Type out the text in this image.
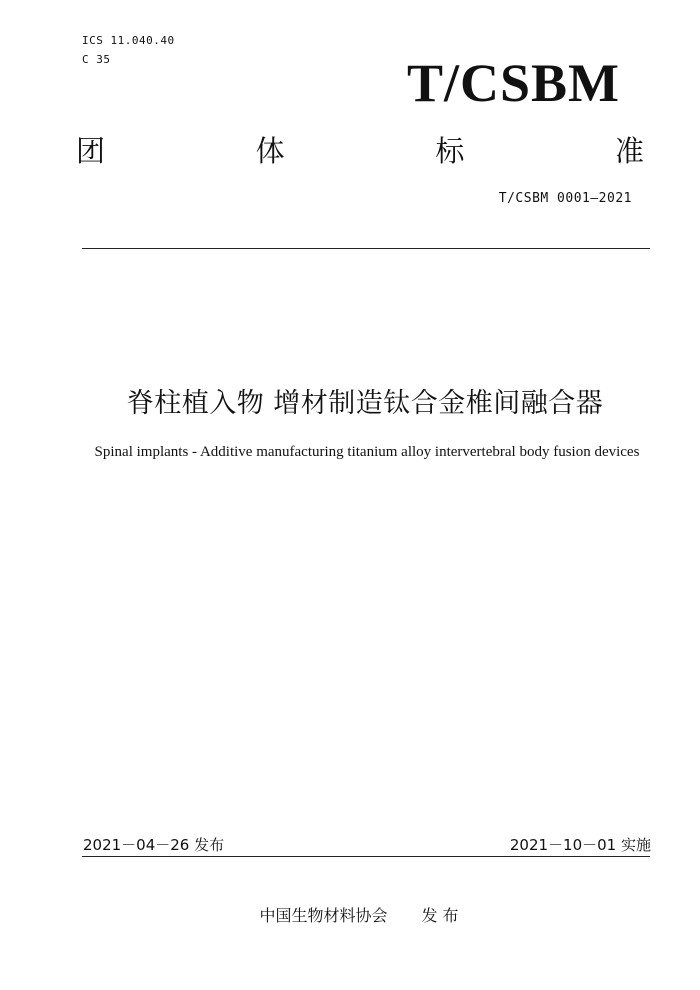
ICS 11.040.40
C 35	T/CSBM
团	体	标	准
T/CSBM 0001—2021
脊柱植入物 增材制造钛合金椎间融合器
Spinal implants - Additive manufacturing titanium alloy intervertebral body fusion devices
2021－04－26 发布	2021－10－01 实施
中国生物材料协会 发 布
